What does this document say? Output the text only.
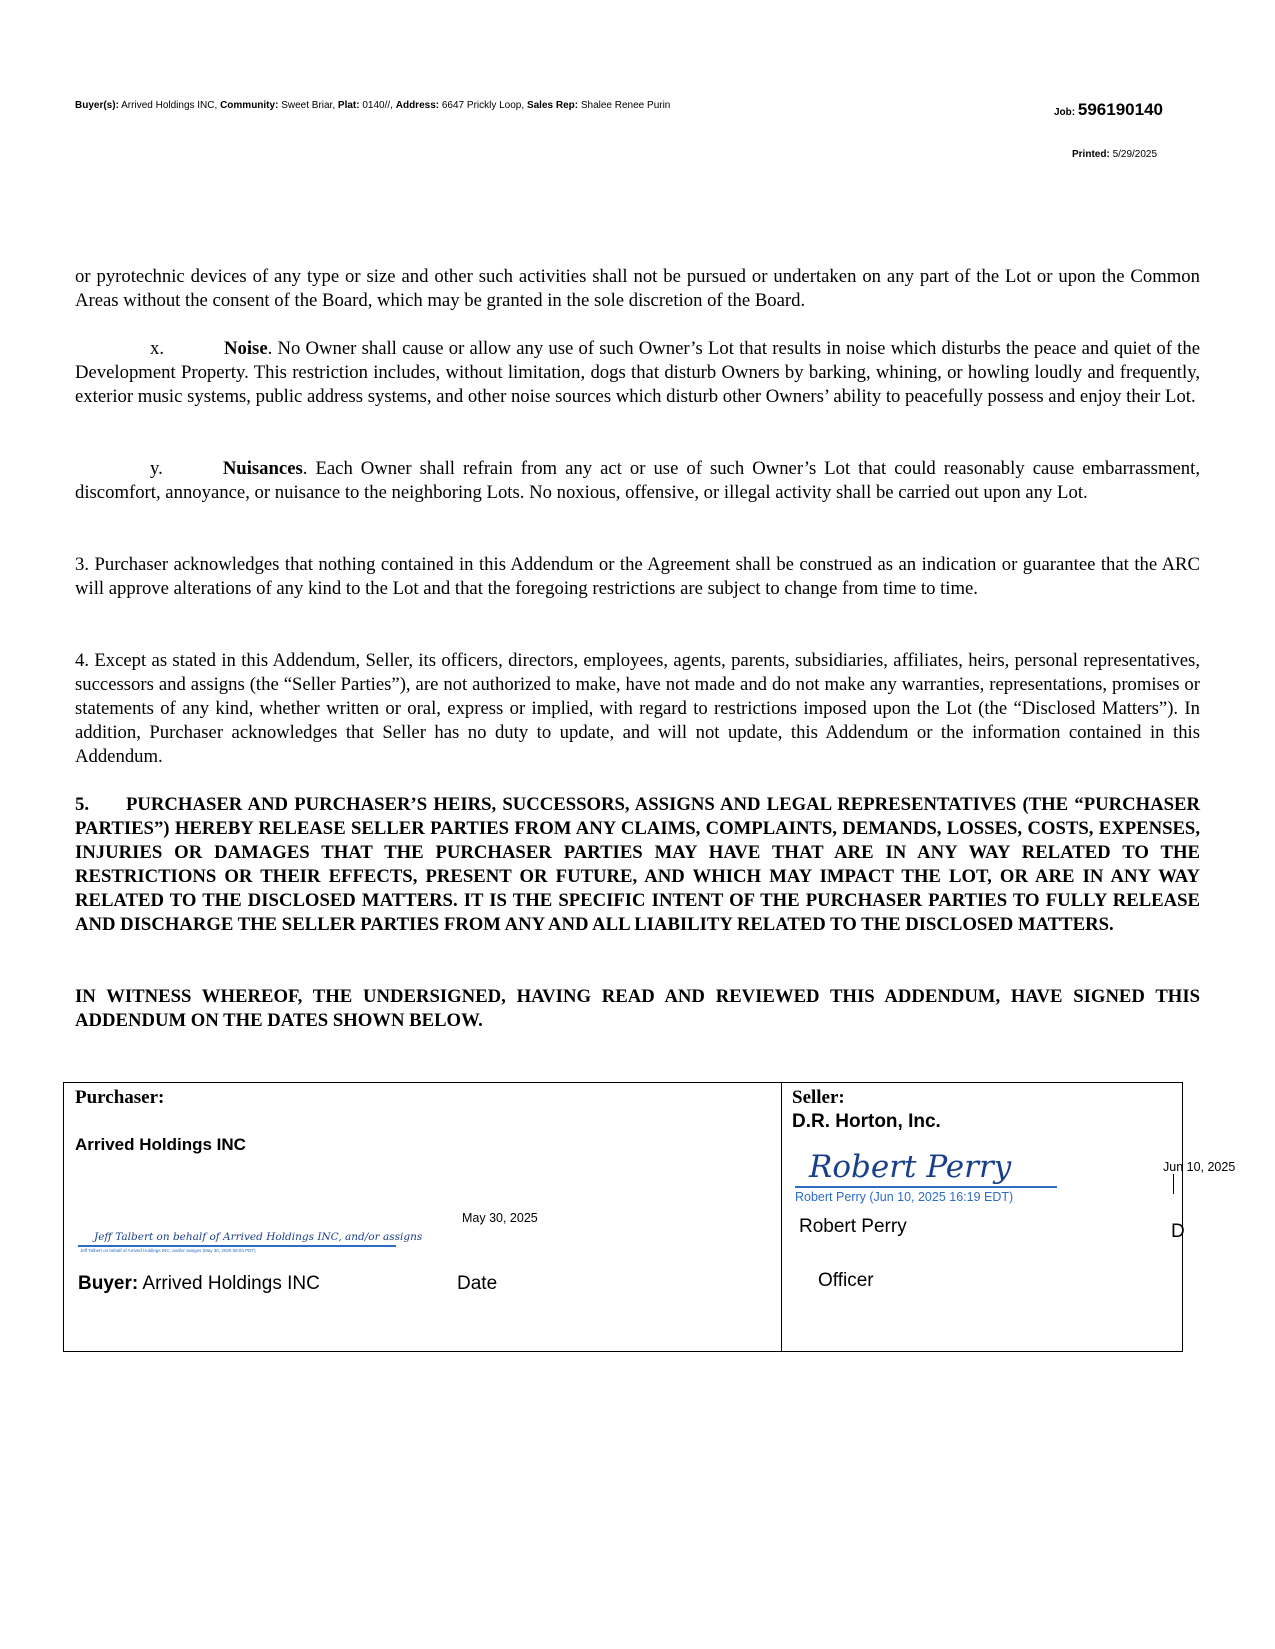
Buyer(s): Arrived Holdings INC, Community: Sweet Briar, Plat: 0140//, Address: 6647 Prickly Loop, Sales Rep: Shalee Renee Purin
Job: 596190140
Printed: 5/29/2025

or pyrotechnic devices of any type or size and other such activities shall not be pursued or undertaken on any part of the Lot or upon the Common Areas without the consent of the Board, which may be granted in the sole discretion of the Board.

x.	Noise. No Owner shall cause or allow any use of such Owner’s Lot that results in noise which disturbs the peace and quiet of the Development Property. This restriction includes, without limitation, dogs that disturb Owners by barking, whining, or howling loudly and frequently, exterior music systems, public address systems, and other noise sources which disturb other Owners’ ability to peacefully possess and enjoy their Lot.

y.	Nuisances. Each Owner shall refrain from any act or use of such Owner’s Lot that could reasonably cause embarrassment, discomfort, annoyance, or nuisance to the neighboring Lots. No noxious, offensive, or illegal activity shall be carried out upon any Lot.

3. Purchaser acknowledges that nothing contained in this Addendum or the Agreement shall be construed as an indication or guarantee that the ARC will approve alterations of any kind to the Lot and that the foregoing restrictions are subject to change from time to time.

4. Except as stated in this Addendum, Seller, its officers, directors, employees, agents, parents, subsidiaries, affiliates, heirs, personal representatives, successors and assigns (the “Seller Parties”), are not authorized to make, have not made and do not make any warranties, representations, promises or statements of any kind, whether written or oral, express or implied, with regard to restrictions imposed upon the Lot (the “Disclosed Matters”). In addition, Purchaser acknowledges that Seller has no duty to update, and will not update, this Addendum or the information contained in this Addendum.

5. PURCHASER AND PURCHASER’S HEIRS, SUCCESSORS, ASSIGNS AND LEGAL REPRESENTATIVES (THE “PURCHASER PARTIES”) HEREBY RELEASE SELLER PARTIES FROM ANY CLAIMS, COMPLAINTS, DEMANDS, LOSSES, COSTS, EXPENSES, INJURIES OR DAMAGES THAT THE PURCHASER PARTIES MAY HAVE THAT ARE IN ANY WAY RELATED TO THE RESTRICTIONS OR THEIR EFFECTS, PRESENT OR FUTURE, AND WHICH MAY IMPACT THE LOT, OR ARE IN ANY WAY RELATED TO THE DISCLOSED MATTERS. IT IS THE SPECIFIC INTENT OF THE PURCHASER PARTIES TO FULLY RELEASE AND DISCHARGE THE SELLER PARTIES FROM ANY AND ALL LIABILITY RELATED TO THE DISCLOSED MATTERS.

IN WITNESS WHEREOF, THE UNDERSIGNED, HAVING READ AND REVIEWED THIS ADDENDUM, HAVE SIGNED THIS ADDENDUM ON THE DATES SHOWN BELOW.

Purchaser:
Arrived Holdings INC
May 30, 2025
Jeff Talbert on behalf of Arrived Holdings INC, and/or assigns
Jeff Talbert on behalf of Arrived Holdings INC, and/or assigns (May 30, 2025 08:04 PDT)
Buyer: Arrived Holdings INC	Date
Seller:
D.R. Horton, Inc.
Robert Perry
Robert Perry (Jun 10, 2025 16:19 EDT)
Robert Perry
Officer
D
Jun 10, 2025
